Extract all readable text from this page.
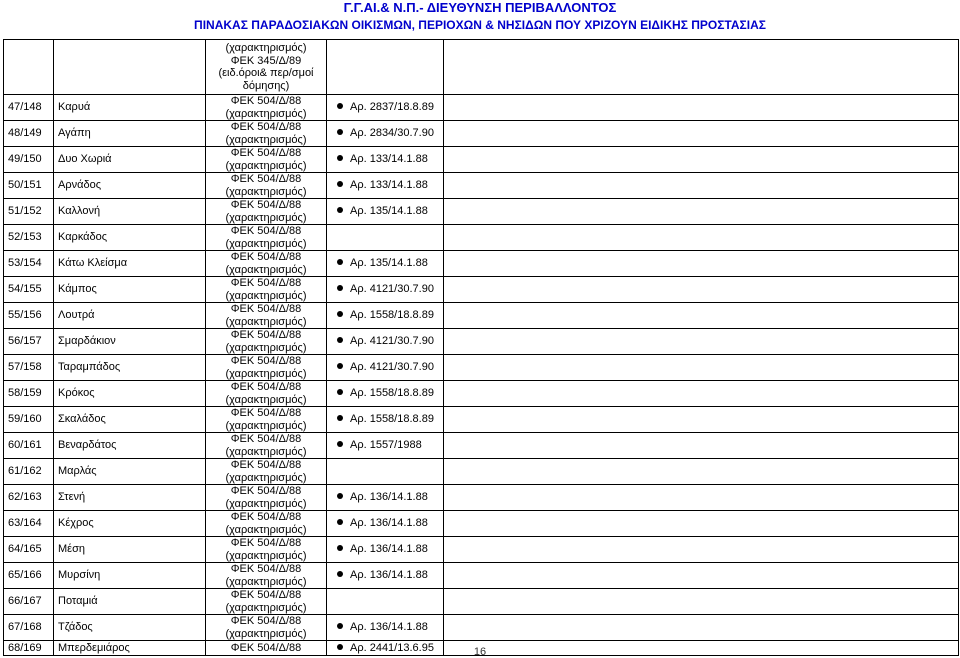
Γ.Γ.ΑΙ.& Ν.Π.- ΔΙΕΥΘΥΝΣΗ ΠΕΡΙΒΑΛΛΟΝΤΟΣ
ΠΙΝΑΚΑΣ ΠΑΡΑΔΟΣΙΑΚΩΝ ΟΙΚΙΣΜΩΝ, ΠΕΡΙΟΧΩΝ & ΝΗΣΙΔΩΝ ΠΟΥ ΧΡΙΖΟΥΝ ΕΙΔΙΚΗΣ ΠΡΟΣΤΑΣΙΑΣ

		(χαρακτηρισμός)
ΦΕΚ 345/Δ/89
(ειδ.όροι& περ/σμοί
δόμησης)		

47/148	Καρυά	ΦΕΚ 504/Δ/88
(χαρακτηρισμός)	Αρ. 2837/18.8.89	
48/149	Αγάπη	ΦΕΚ 504/Δ/88
(χαρακτηρισμός)	Αρ. 2834/30.7.90	
49/150	Δυο Χωριά	ΦΕΚ 504/Δ/88
(χαρακτηρισμός)	Αρ. 133/14.1.88	
50/151	Αρνάδος	ΦΕΚ 504/Δ/88
(χαρακτηρισμός)	Αρ. 133/14.1.88	
51/152	Καλλονή	ΦΕΚ 504/Δ/88
(χαρακτηρισμός)	Αρ. 135/14.1.88	
52/153	Καρκάδος	ΦΕΚ 504/Δ/88
(χαρακτηρισμός)		

53/154	Κάτω Κλείσμα	ΦΕΚ 504/Δ/88
(χαρακτηρισμός)	Αρ. 135/14.1.88	
54/155	Κάμπος	ΦΕΚ 504/Δ/88
(χαρακτηρισμός)	Αρ. 4121/30.7.90	
55/156	Λουτρά	ΦΕΚ 504/Δ/88
(χαρακτηρισμός)	Αρ. 1558/18.8.89	
56/157	Σμαρδάκιον	ΦΕΚ 504/Δ/88
(χαρακτηρισμός)	Αρ. 4121/30.7.90	
57/158	Ταραμπάδος	ΦΕΚ 504/Δ/88
(χαρακτηρισμός)	Αρ. 4121/30.7.90	
58/159	Κρόκος	ΦΕΚ 504/Δ/88
(χαρακτηρισμός)	Αρ. 1558/18.8.89	
59/160	Σκαλάδος	ΦΕΚ 504/Δ/88
(χαρακτηρισμός)	Αρ. 1558/18.8.89	
60/161	Βεναρδάτος	ΦΕΚ 504/Δ/88
(χαρακτηρισμός)	Αρ. 1557/1988	
61/162	Μαρλάς	ΦΕΚ 504/Δ/88
(χαρακτηρισμός)		

62/163	Στενή	ΦΕΚ 504/Δ/88
(χαρακτηρισμός)	Αρ. 136/14.1.88	
63/164	Κέχρος	ΦΕΚ 504/Δ/88
(χαρακτηρισμός)	Αρ. 136/14.1.88	
64/165	Μέση	ΦΕΚ 504/Δ/88
(χαρακτηρισμός)	Αρ. 136/14.1.88	
65/166	Μυρσίνη	ΦΕΚ 504/Δ/88
(χαρακτηρισμός)	Αρ. 136/14.1.88	
66/167	Ποταμιά	ΦΕΚ 504/Δ/88
(χαρακτηρισμός)		

67/168	Τζάδος	ΦΕΚ 504/Δ/88
(χαρακτηρισμός)	Αρ. 136/14.1.88	
68/169	Μπερδεμιάρος	ΦΕΚ 504/Δ/88	Αρ. 2441/13.6.95		16
